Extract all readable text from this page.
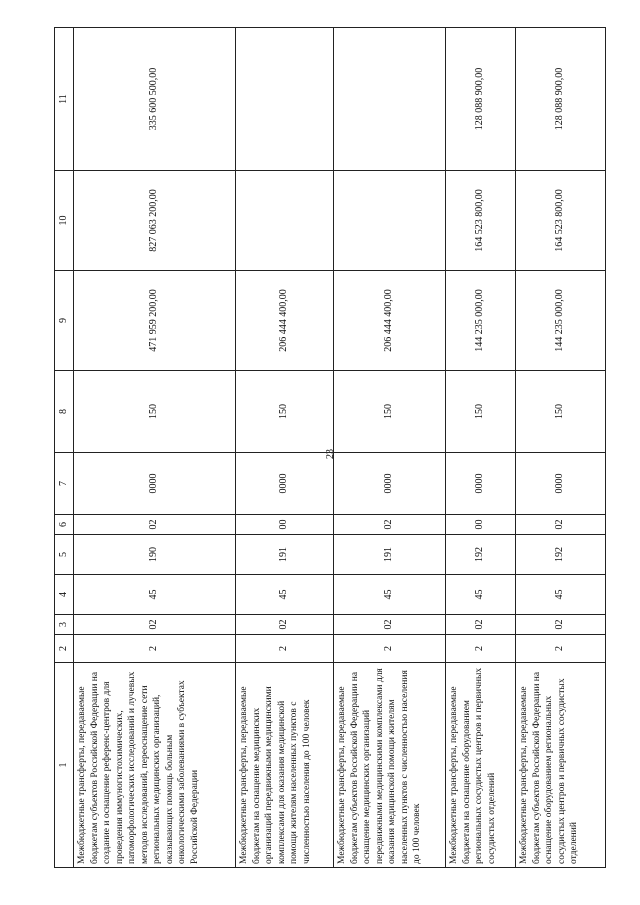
23
1	2	3	4	5	6	7	8	9	10	11
Межбюджетные трансферты, передаваемые бюджетам субъектов Российской Федерации на создание и оснащение референс-центров для проведения иммуногистохимических, патоморфологических исследований и лучевых методов исследований, переоснащение сети региональных медицинских организаций, оказывающих помощь больным онкологическими заболеваниями в субъектах Российской Федерации	2	02	45	190	02	0000	150	471 959 200,00	827 063 200,00	335 600 500,00
Межбюджетные трансферты, передаваемые бюджетам на оснащение медицинских организаций передвижными медицинскими комплексами для оказания медицинской помощи жителям населенных пунктов с численностью населения до 100 человек	2	02	45	191	00	0000	150	206 444 400,00		
Межбюджетные трансферты, передаваемые бюджетам субъектов Российской Федерации на оснащение медицинских организаций передвижными медицинскими комплексами для оказания медицинской помощи жителям населенных пунктов с численностью населения до 100 человек	2	02	45	191	02	0000	150	206 444 400,00		
Межбюджетные трансферты, передаваемые бюджетам на оснащение оборудованием региональных сосудистых центров и первичных сосудистых отделений	2	02	45	192	00	0000	150	144 235 000,00	164 523 800,00	128 088 900,00
Межбюджетные трансферты, передаваемые бюджетам субъектов Российской Федерации на оснащение оборудованием региональных сосудистых центров и первичных сосудистых отделений	2	02	45	192	02	0000	150	144 235 000,00	164 523 800,00	128 088 900,00
